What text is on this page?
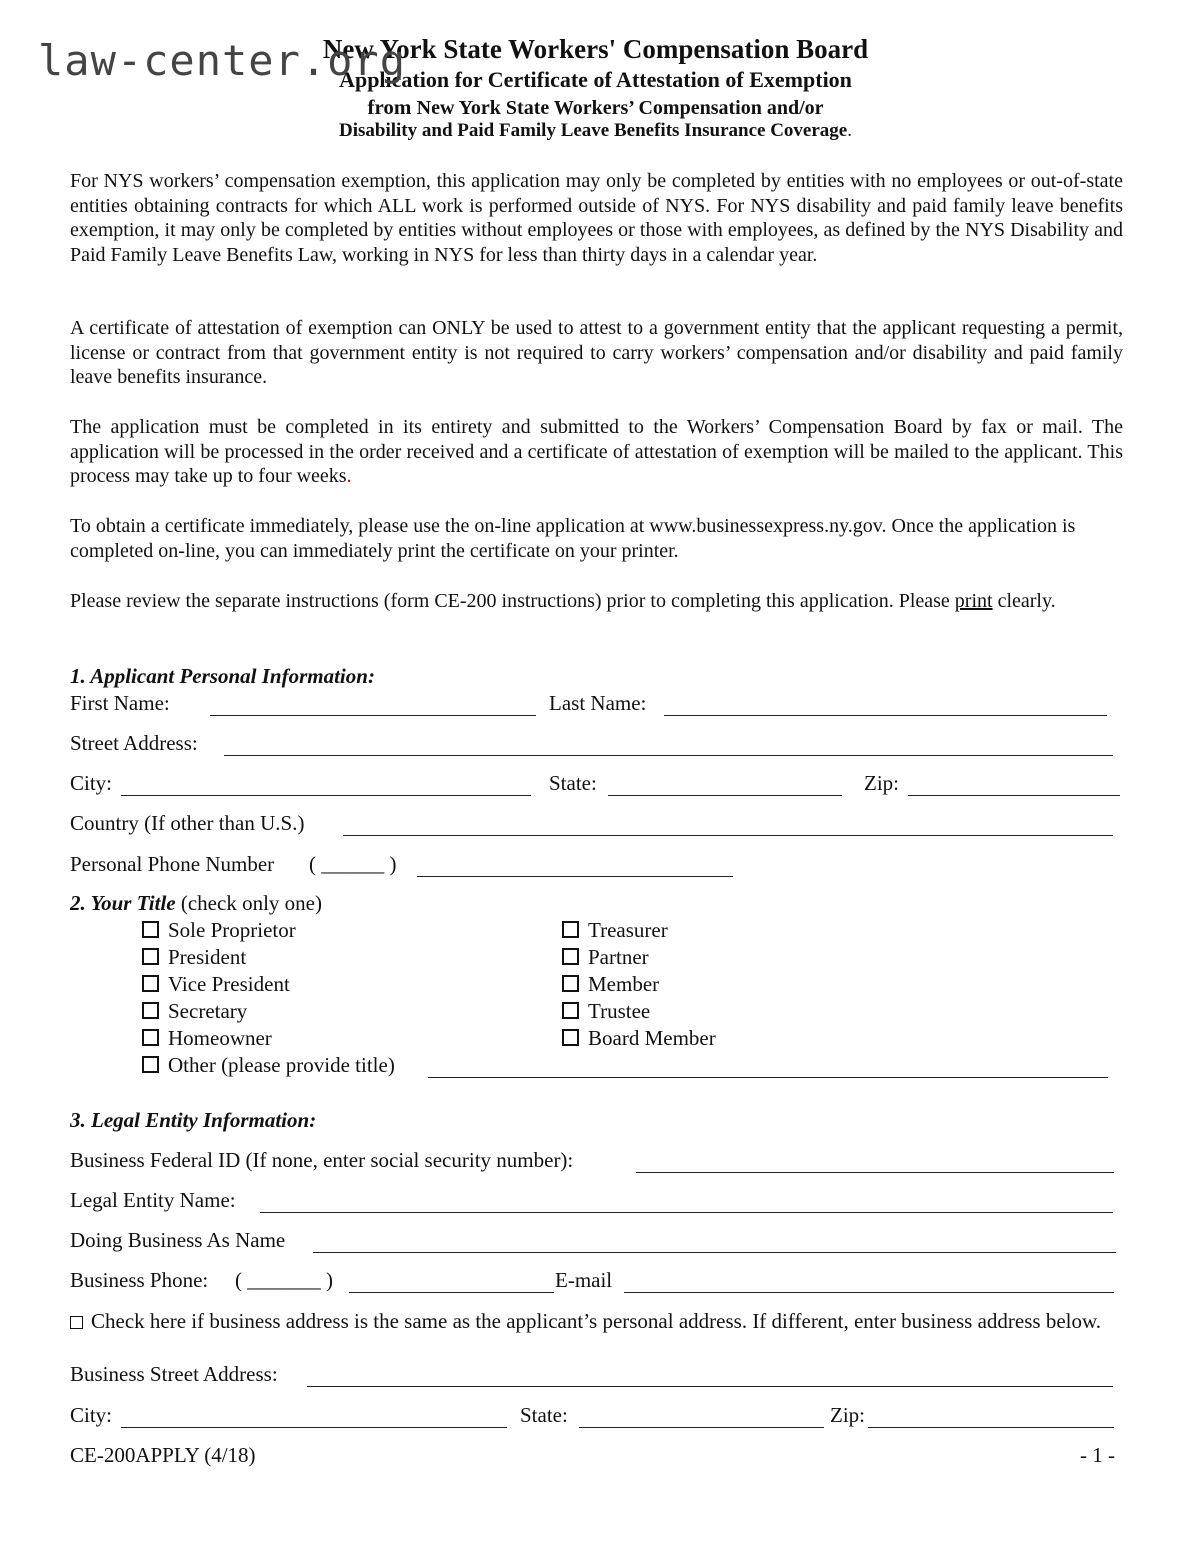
law-center.org
New York State Workers' Compensation Board
Application for Certificate of Attestation of Exemption
from New York State Workers’ Compensation and/or
Disability and Paid Family Leave Benefits Insurance Coverage.
For NYS workers’ compensation exemption, this application may only be completed by entities with no employees or out-of-state entities obtaining contracts for which ALL work is performed outside of NYS. For NYS disability and paid family leave benefits exemption, it may only be completed by entities without employees or those with employees, as defined by the NYS Disability and Paid Family Leave Benefits Law, working in NYS for less than thirty days in a calendar year.
A certificate of attestation of exemption can ONLY be used to attest to a government entity that the applicant requesting a permit, license or contract from that government entity is not required to carry workers’ compensation and/or disability and paid family leave benefits insurance.
The application must be completed in its entirety and submitted to the Workers’ Compensation Board by fax or mail. The application will be processed in the order received and a certificate of attestation of exemption will be mailed to the applicant. This process may take up to four weeks.
To obtain a certificate immediately, please use the on-line application at www.businessexpress.ny.gov. Once the application is completed on-line, you can immediately print the certificate on your printer.
Please review the separate instructions (form CE-200 instructions) prior to completing this application. Please print clearly.
1. Applicant Personal Information:
First Name:	Last Name:
Street Address:
City:	State:	Zip:
Country (If other than U.S.)
Personal Phone Number ( ______ )
2. Your Title (check only one)
Sole Proprietor
President
Vice President
Secretary
Homeowner
Treasurer
Partner
Member
Trustee
Board Member
Other (please provide title)
3. Legal Entity Information:
Business Federal ID (If none, enter social security number):
Legal Entity Name:
Doing Business As Name
Business Phone: ( _______ )	E-mail
Check here if business address is the same as the applicant’s personal address. If different, enter business address below.
Business Street Address:
City:	State:	Zip:
CE-200APPLY (4/18)	- 1 -
